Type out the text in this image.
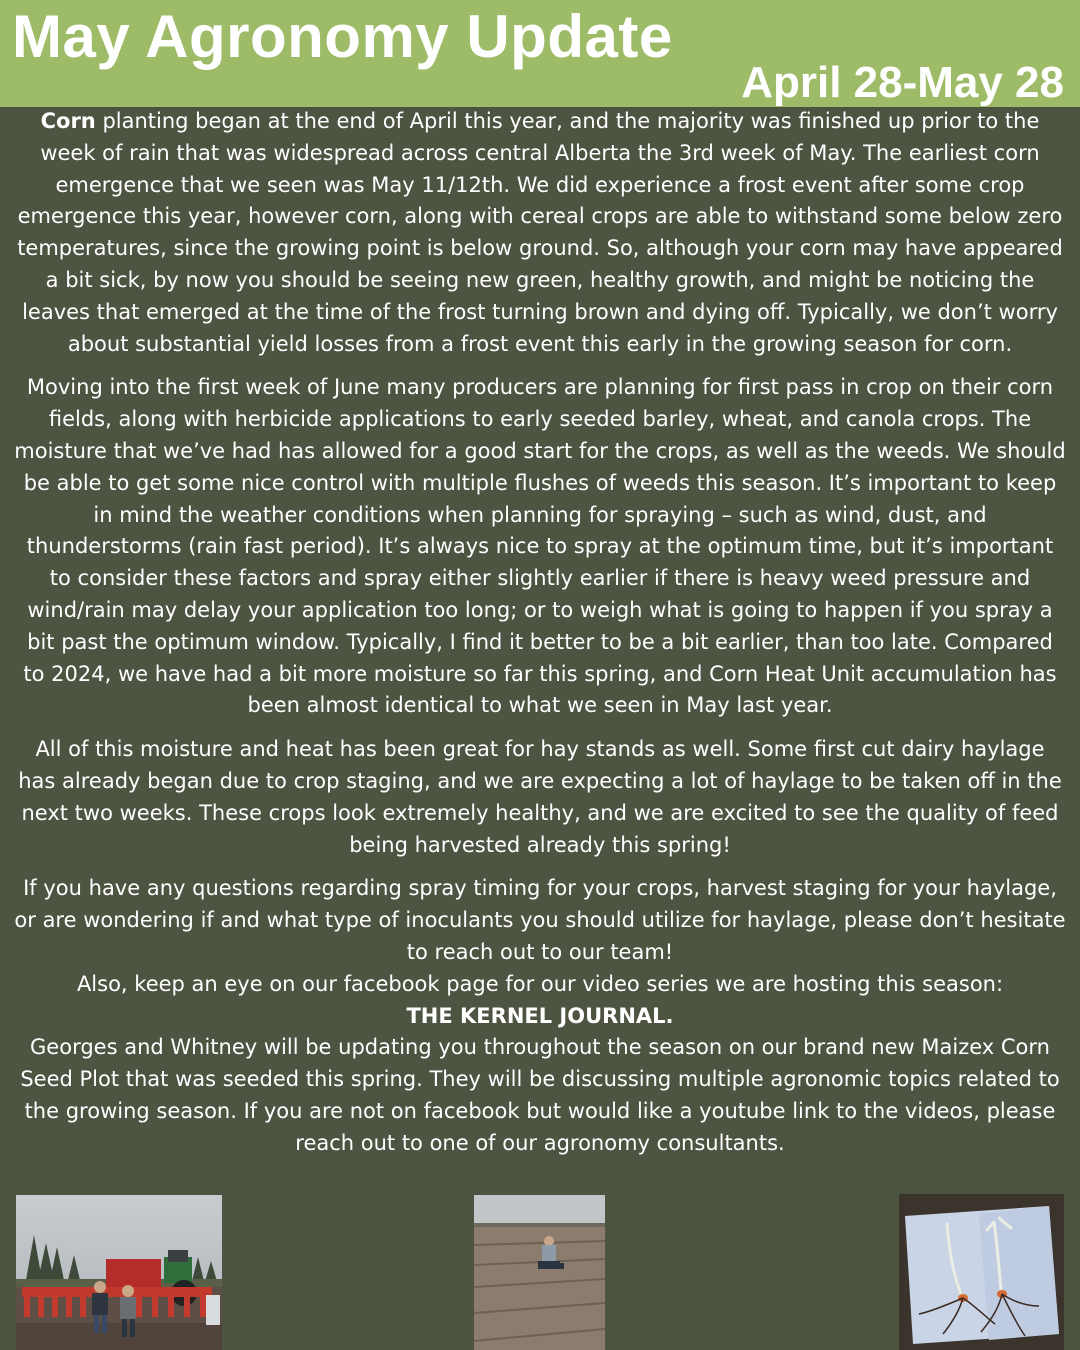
May Agronomy Update
April 28-May 28

Corn planting began at the end of April this year, and the majority was finished up prior to the week of rain that was widespread across central Alberta the 3rd week of May. The earliest corn emergence that we seen was May 11/12th. We did experience a frost event after some crop emergence this year, however corn, along with cereal crops are able to withstand some below zero temperatures, since the growing point is below ground. So, although your corn may have appeared a bit sick, by now you should be seeing new green, healthy growth, and might be noticing the leaves that emerged at the time of the frost turning brown and dying off. Typically, we don’t worry about substantial yield losses from a frost event this early in the growing season for corn.

Moving into the first week of June many producers are planning for first pass in crop on their corn fields, along with herbicide applications to early seeded barley, wheat, and canola crops. The moisture that we’ve had has allowed for a good start for the crops, as well as the weeds. We should be able to get some nice control with multiple flushes of weeds this season. It’s important to keep in mind the weather conditions when planning for spraying – such as wind, dust, and thunderstorms (rain fast period). It’s always nice to spray at the optimum time, but it’s important to consider these factors and spray either slightly earlier if there is heavy weed pressure and wind/rain may delay your application too long; or to weigh what is going to happen if you spray a bit past the optimum window. Typically, I find it better to be a bit earlier, than too late. Compared to 2024, we have had a bit more moisture so far this spring, and Corn Heat Unit accumulation has been almost identical to what we seen in May last year.

All of this moisture and heat has been great for hay stands as well. Some first cut dairy haylage has already began due to crop staging, and we are expecting a lot of haylage to be taken off in the next two weeks. These crops look extremely healthy, and we are excited to see the quality of feed being harvested already this spring!

If you have any questions regarding spray timing for your crops, harvest staging for your haylage, or are wondering if and what type of inoculants you should utilize for haylage, please don’t hesitate to reach out to our team!

Also, keep an eye on our facebook page for our video series we are hosting this season:

THE KERNEL JOURNAL.

Georges and Whitney will be updating you throughout the season on our brand new Maizex Corn Seed Plot that was seeded this spring. They will be discussing multiple agronomic topics related to the growing season. If you are not on facebook but would like a youtube link to the videos, please reach out to one of our agronomy consultants.
